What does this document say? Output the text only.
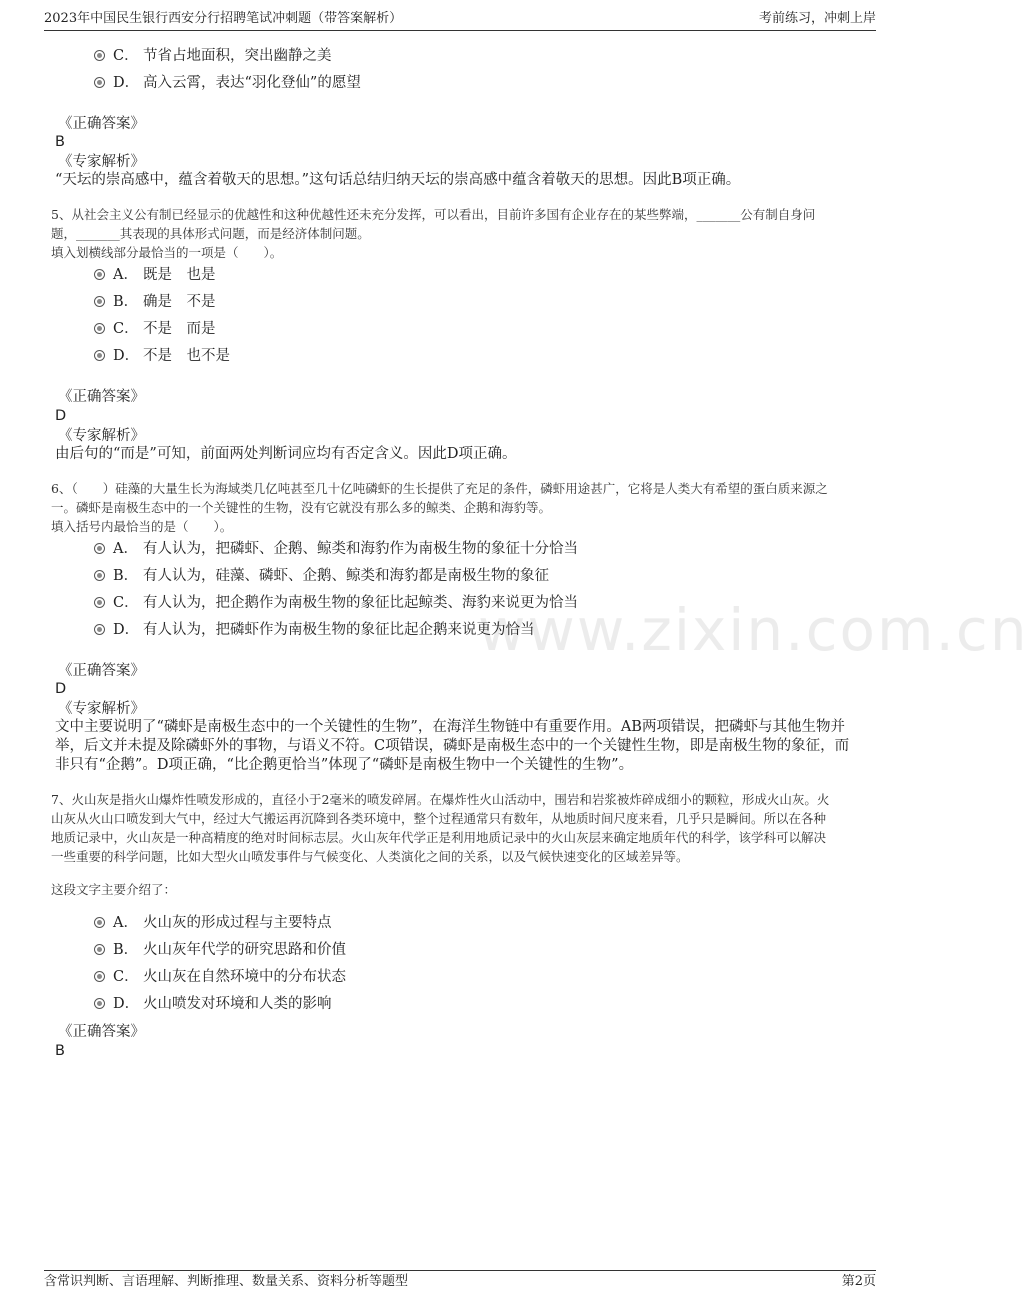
2023年中国民生银行西安分行招聘笔试冲刺题（带答案解析）	考前练习，冲刺上岸
www.zixin.com.cn
C． 节省占地面积，突出幽静之美
D． 高入云霄，表达“羽化登仙”的愿望
《正确答案》
B
《专家解析》
“天坛的崇高感中，蕴含着敬天的思想。”这句话总结归纳天坛的崇高感中蕴含着敬天的思想。因此B项正确。
5、从社会主义公有制已经显示的优越性和这种优越性还未充分发挥，可以看出，目前许多国有企业存在的某些弊端，_______公有制自身问
题，_______其表现的具体形式问题，而是经济体制问题。
填入划横线部分最恰当的一项是（　　）。
A． 既是　也是
B． 确是　不是
C． 不是　而是
D． 不是　也不是
《正确答案》
D
《专家解析》
由后句的“而是”可知，前面两处判断词应均有否定含义。因此D项正确。
6、（　　）硅藻的大量生长为海域类几亿吨甚至几十亿吨磷虾的生长提供了充足的条件，磷虾用途甚广，它将是人类大有希望的蛋白质来源之
一。磷虾是南极生态中的一个关键性的生物，没有它就没有那么多的鲸类、企鹅和海豹等。
填入括号内最恰当的是（　　）。
A． 有人认为，把磷虾、企鹅、鲸类和海豹作为南极生物的象征十分恰当
B． 有人认为，硅藻、磷虾、企鹅、鲸类和海豹都是南极生物的象征
C． 有人认为，把企鹅作为南极生物的象征比起鲸类、海豹来说更为恰当
D． 有人认为，把磷虾作为南极生物的象征比起企鹅来说更为恰当
《正确答案》
D
《专家解析》
文中主要说明了“磷虾是南极生态中的一个关键性的生物”，在海洋生物链中有重要作用。AB两项错误，把磷虾与其他生物并
举，后文并未提及除磷虾外的事物，与语义不符。C项错误，磷虾是南极生态中的一个关键性生物，即是南极生物的象征，而
非只有“企鹅”。D项正确，“比企鹅更恰当”体现了“磷虾是南极生物中一个关键性的生物”。
7、火山灰是指火山爆炸性喷发形成的，直径小于2毫米的喷发碎屑。在爆炸性火山活动中，围岩和岩浆被炸碎成细小的颗粒，形成火山灰。火
山灰从火山口喷发到大气中，经过大气搬运再沉降到各类环境中，整个过程通常只有数年，从地质时间尺度来看，几乎只是瞬间。所以在各种
地质记录中，火山灰是一种高精度的绝对时间标志层。火山灰年代学正是利用地质记录中的火山灰层来确定地质年代的科学，该学科可以解决
一些重要的科学问题，比如大型火山喷发事件与气候变化、人类演化之间的关系，以及气候快速变化的区域差异等。
这段文字主要介绍了：
A． 火山灰的形成过程与主要特点
B． 火山灰年代学的研究思路和价值
C． 火山灰在自然环境中的分布状态
D． 火山喷发对环境和人类的影响
《正确答案》
B
含常识判断、言语理解、判断推理、数量关系、资料分析等题型	第2页
